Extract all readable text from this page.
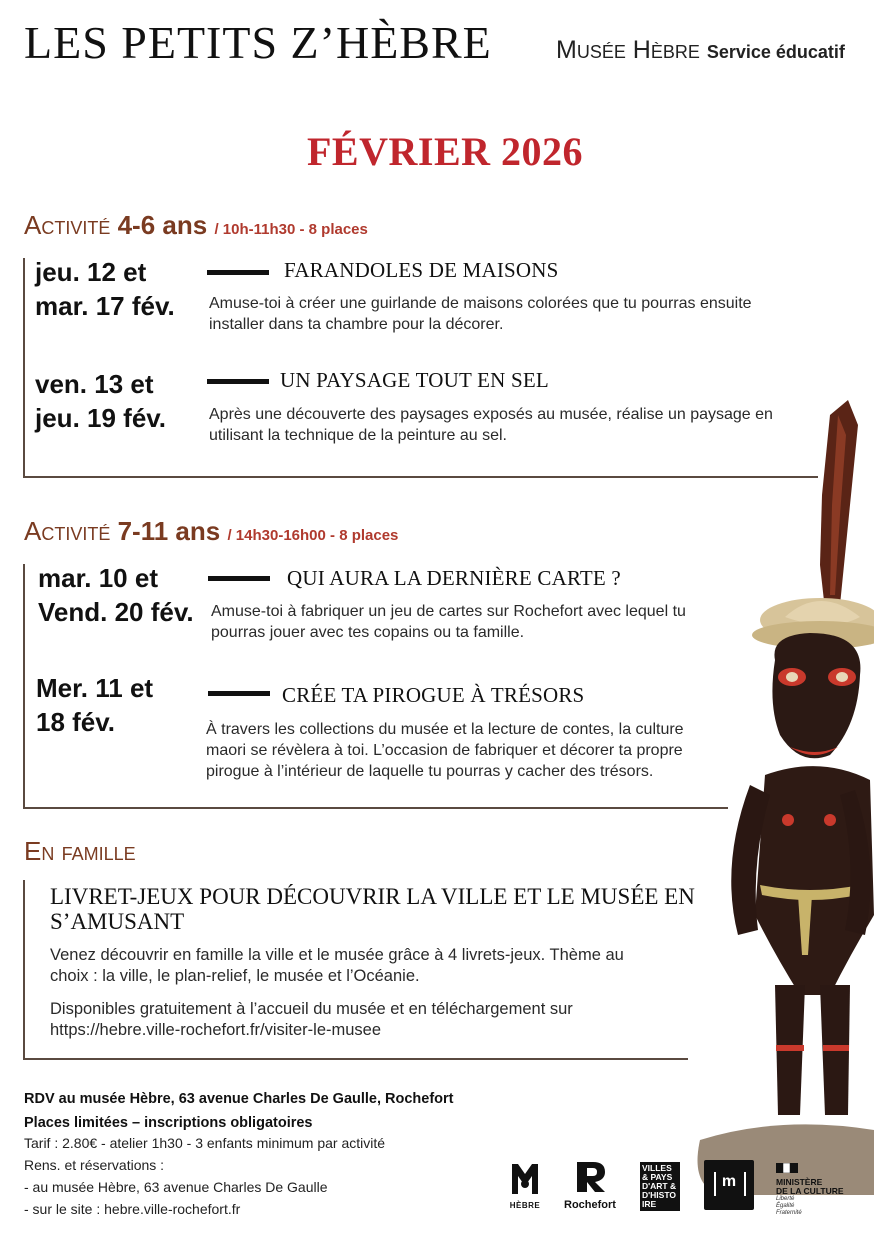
LES PETITS Z’HÈBRE	Musée Hèbre Service éducatif
FÉVRIER 2026
Activité 4-6 ans / 10h-11h30 - 8 places
jeu. 12 et
mar. 17 fév.
FARANDOLES DE MAISONS
Amuse-toi à créer une guirlande de maisons colorées que tu pourras ensuite
installer dans ta chambre pour la décorer.
ven. 13 et
jeu. 19 fév.
UN PAYSAGE TOUT EN SEL
Après une découverte des paysages exposés au musée, réalise un paysage en
utilisant la technique de la peinture au sel.
Activité 7-11 ans / 14h30-16h00 - 8 places
mar. 10 et
Vend. 20 fév.
QUI AURA LA DERNIÈRE CARTE ?
Amuse-toi à fabriquer un jeu de cartes sur Rochefort avec lequel tu
pourras jouer avec tes copains ou ta famille.
Mer. 11 et
18 fév.
CRÉE TA PIROGUE À TRÉSORS
À travers les collections du musée et la lecture de contes, la culture
maori se révèlera à toi. L’occasion de fabriquer et décorer ta propre
pirogue à l’intérieur de laquelle tu pourras y cacher des trésors.
En famille
LIVRET-JEUX POUR DÉCOUVRIR LA VILLE ET LE MUSÉE EN S’AMUSANT
Venez découvrir en famille la ville et le musée grâce à 4 livrets-jeux. Thème au
choix : la ville, le plan-relief, le musée et l’Océanie.
Disponibles gratuitement à l’accueil du musée et en téléchargement sur
https://hebre.ville-rochefort.fr/visiter-le-musee
RDV au musée Hèbre, 63 avenue Charles De Gaulle, Rochefort
Places limitées – inscriptions obligatoires
Tarif : 2.80€ - atelier 1h30 - 3 enfants minimum par activité
Rens. et réservations :
- au musée Hèbre, 63 avenue Charles De Gaulle
- sur le site : hebre.ville-rochefort.fr	HÈBRE	Rochefort
VILLES
& PAYS
D'ART &
D'HISTO
IRE
m	MINISTÈRE
DE LA CULTURE
Liberté
Égalité
Fraternité
